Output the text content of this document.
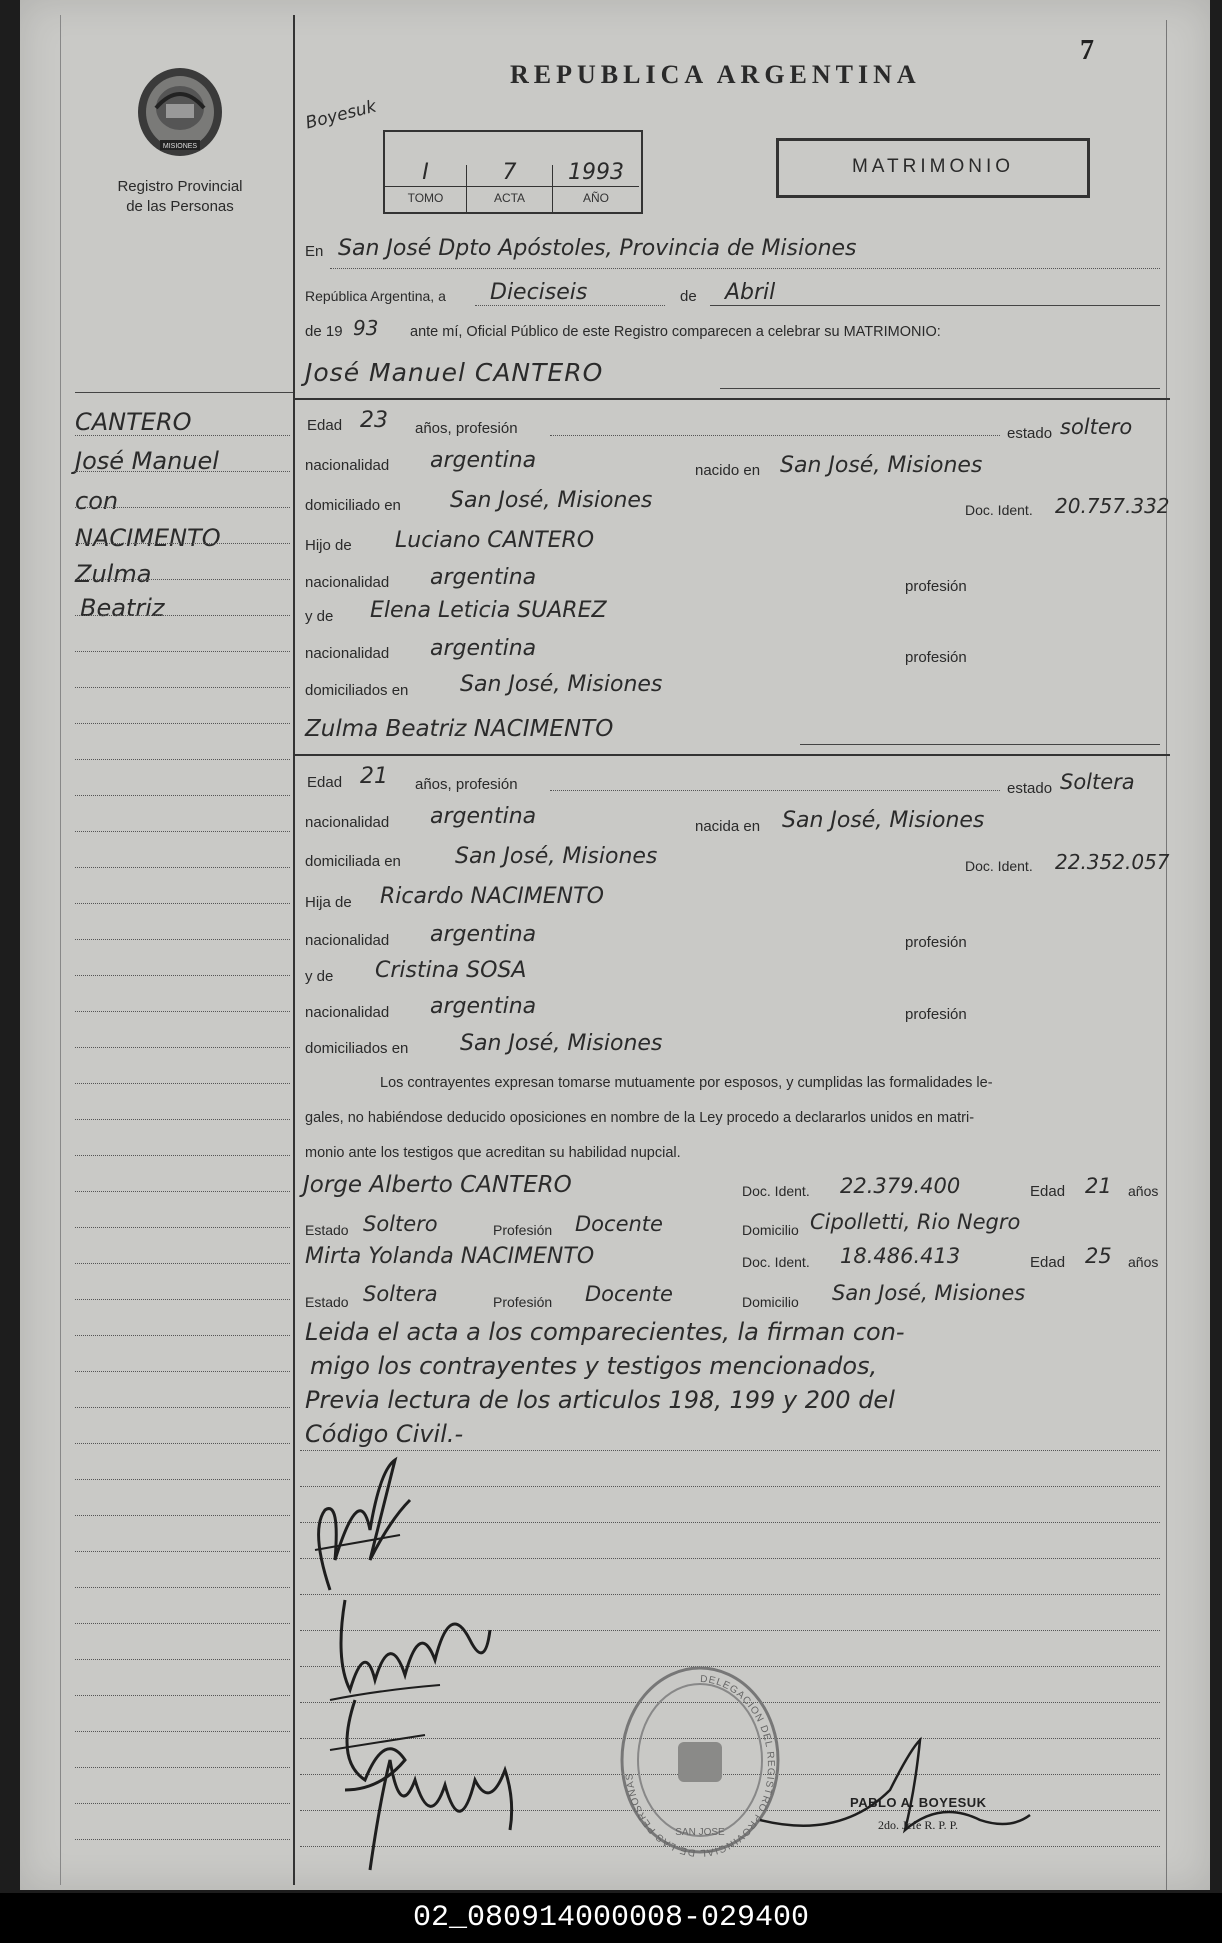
7
MISIONES
Registro Provincial
de las Personas
REPUBLICA ARGENTINA
Boyesuk
I	7	1993
TOMO	ACTA	AÑO
MATRIMONIO
CANTERO
José Manuel
con
NACIMENTO
Zulma
Beatriz
En San José Dpto Apóstoles, Provincia de Misiones
República Argentina, a Dieciseis	de Abril
de 19 93 ante mí, Oficial Público de este Registro comparecen a celebrar su MATRIMONIO:
José Manuel CANTERO
Edad 23 años, profesión	estado soltero
nacionalidad argentina	nacido en San José, Misiones
domiciliado en San José, Misiones	Doc. Ident. 20.757.332
Hijo de Luciano CANTERO
nacionalidad argentina	profesión
y de Elena Leticia SUAREZ
nacionalidad argentina	profesión
domiciliados en San José, Misiones
Zulma Beatriz NACIMENTO
Edad 21 años, profesión	estado Soltera
nacionalidad argentina	nacida en San José, Misiones
domiciliada en San José, Misiones	Doc. Ident. 22.352.057
Hija de Ricardo NACIMENTO
nacionalidad argentina	profesión
y de Cristina SOSA
nacionalidad argentina	profesión
domiciliados en San José, Misiones
Los contrayentes expresan tomarse mutuamente por esposos, y cumplidas las formalidades le-
gales, no habiéndose deducido oposiciones en nombre de la Ley procedo a declararlos unidos en matri-
monio ante los testigos que acreditan su habilidad nupcial.
Jorge Alberto CANTERO	Doc. Ident. 22.379.400	Edad 21 años
Estado Soltero	Profesión Docente	Domicilio Cipolletti, Rio Negro
Mirta Yolanda NACIMENTO	Doc. Ident. 18.486.413	Edad 25 años
Estado Soltera	Profesión Docente	Domicilio San José, Misiones
Leida el acta a los comparecientes, la firman con-
migo los contrayentes y testigos mencionados,
Previa lectura de los articulos 198, 199 y 200 del
Código Civil.-
DELEGACION DEL REGISTRO PROVINCIAL DE LAS PERSONAS
SAN JOSE
PABLO A. BOYESUK
2do. Jefe R. P. P.
02_080914000008-029400
